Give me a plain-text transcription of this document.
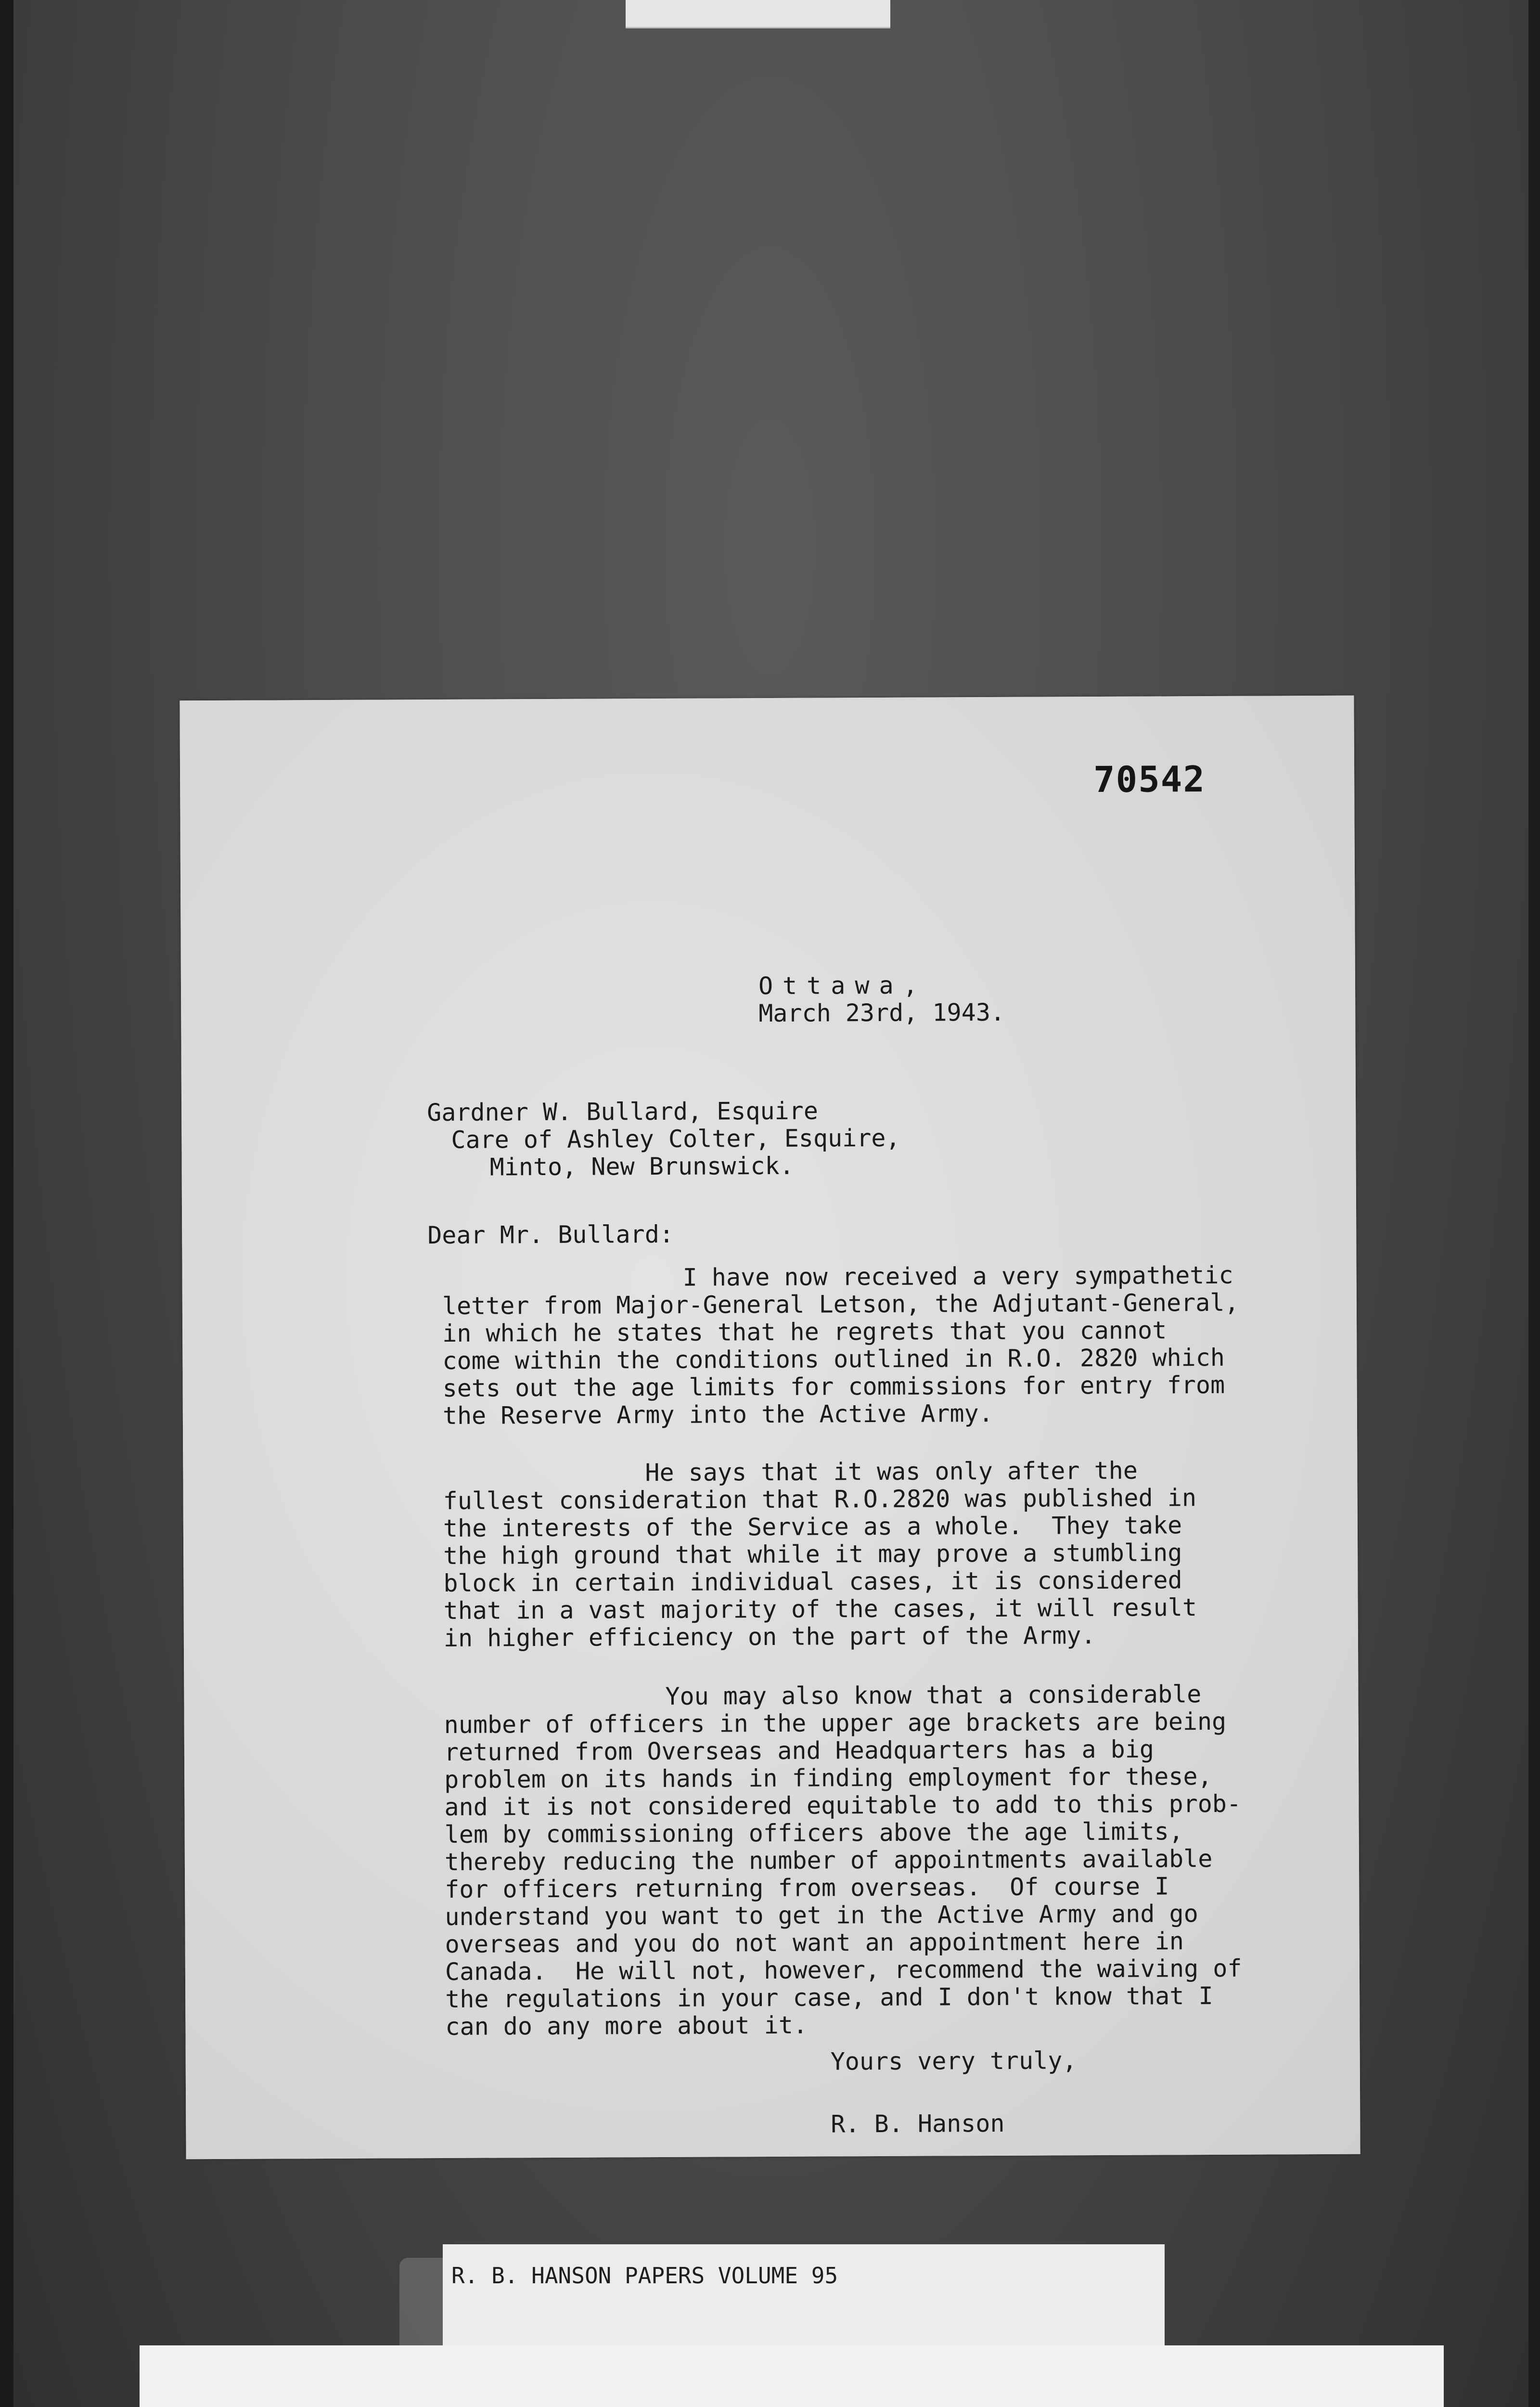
70542

Ottawa,

March 23rd, 1943.

Gardner W. Bullard, Esquire

Care of Ashley Colter, Esquire,

Minto, New Brunswick.

Dear Mr. Bullard:

I have now received a very sympathetic

letter from Major-General Letson, the Adjutant-General,

in which he states that he regrets that you cannot

come within the conditions outlined in R.O. 2820 which

sets out the age limits for commissions for entry from

the Reserve Army into the Active Army.

He says that it was only after the

fullest consideration that R.O.2820 was published in

the interests of the Service as a whole.  They take

the high ground that while it may prove a stumbling

block in certain individual cases, it is considered

that in a vast majority of the cases, it will result

in higher efficiency on the part of the Army.

You may also know that a considerable

number of officers in the upper age brackets are being

returned from Overseas and Headquarters has a big

problem on its hands in finding employment for these,

and it is not considered equitable to add to this prob-

lem by commissioning officers above the age limits,

thereby reducing the number of appointments available

for officers returning from overseas.  Of course I

understand you want to get in the Active Army and go

overseas and you do not want an appointment here in

Canada.  He will not, however, recommend the waiving of

the regulations in your case, and I don't know that I

can do any more about it.

Yours very truly,

R. B. Hanson

R. B. HANSON PAPERS VOLUME 95
